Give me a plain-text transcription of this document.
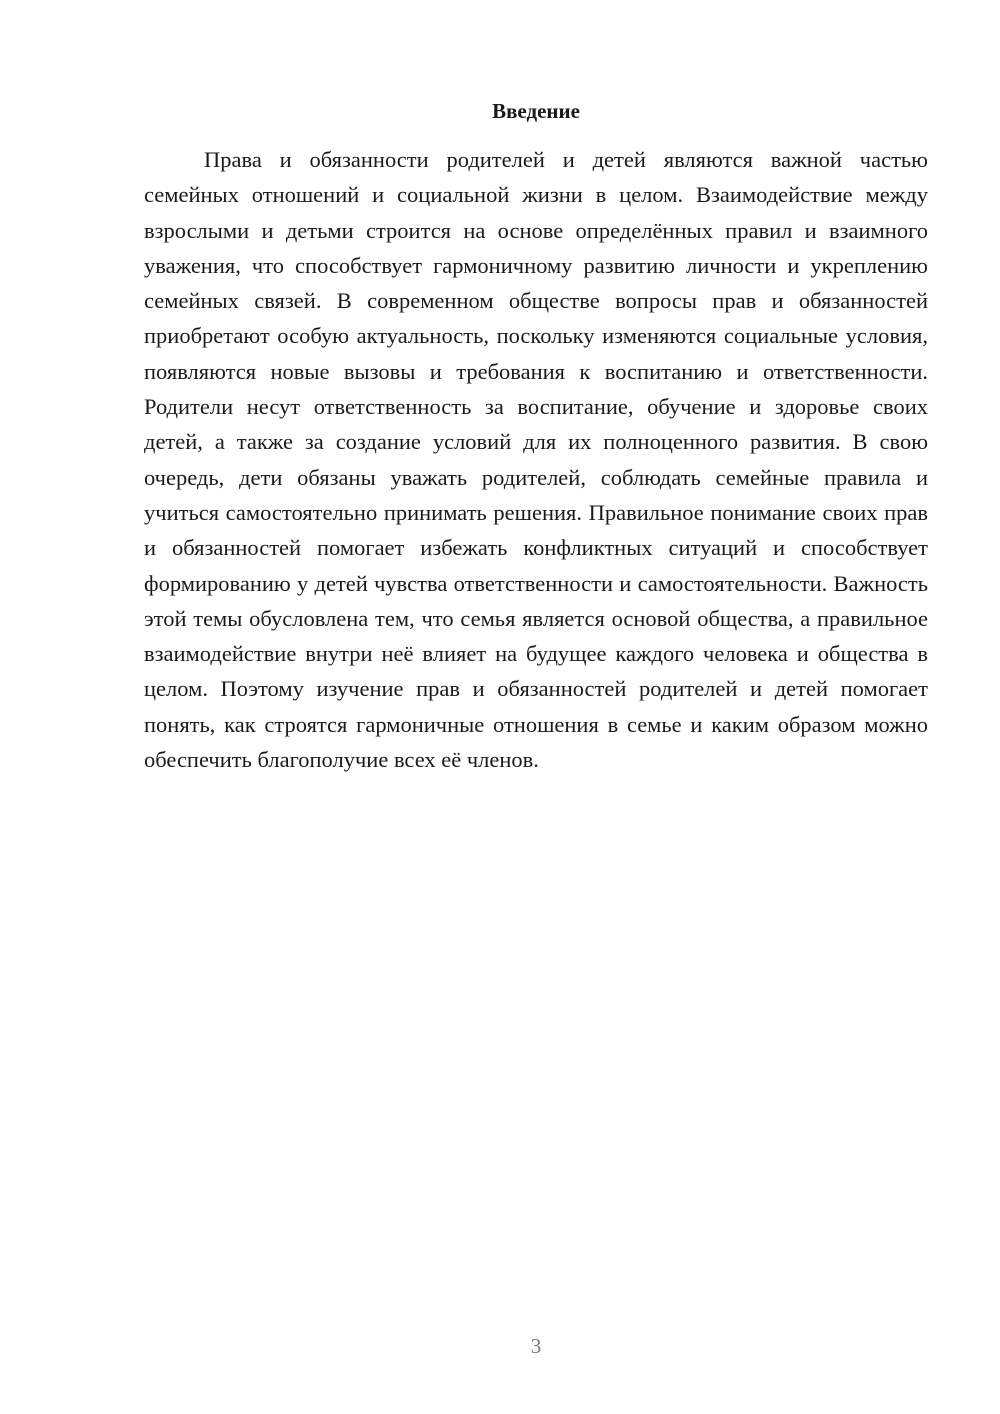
Введение

Права и обязанности родителей и детей являются важной частью семейных отношений и социальной жизни в целом. Взаимодействие между взрослыми и детьми строится на основе определённых правил и взаимного уважения, что способствует гармоничному развитию личности и укреплению семейных связей. В современном обществе вопросы прав и обязанностей приобретают особую актуальность, поскольку изменяются социальные условия, появляются новые вызовы и требования к воспитанию и ответственности. Родители несут ответственность за воспитание, обучение и здоровье своих детей, а также за создание условий для их полноценного развития. В свою очередь, дети обязаны уважать родителей, соблюдать семейные правила и учиться самостоятельно принимать решения. Правильное понимание своих прав и обязанностей помогает избежать конфликтных ситуаций и способствует формированию у детей чувства ответственности и самостоятельности. Важность этой темы обусловлена тем, что семья является основой общества, а правильное взаимодействие внутри неё влияет на будущее каждого человека и общества в целом. Поэтому изучение прав и обязанностей родителей и детей помогает понять, как строятся гармоничные отношения в семье и каким образом можно обеспечить благополучие всех её членов.

3
